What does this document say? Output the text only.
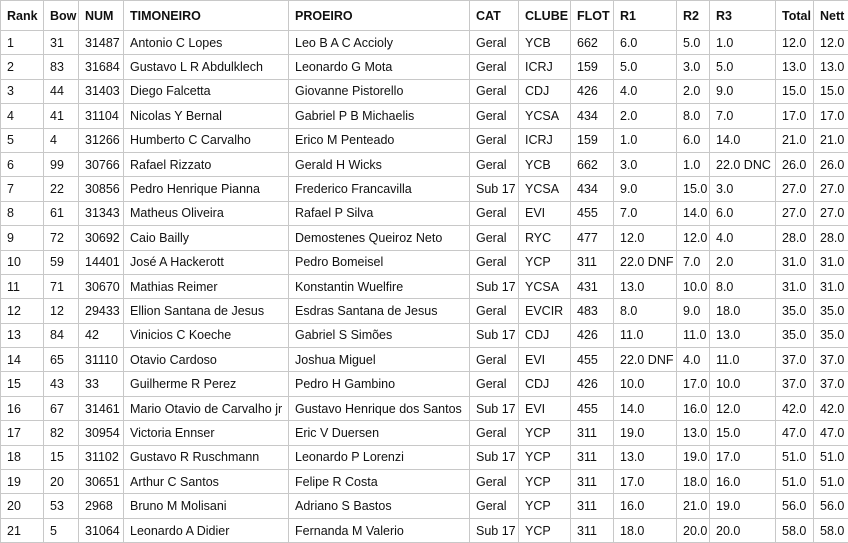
Rank	Bow	NUM	TIMONEIRO	PROEIRO	CAT	CLUBE	FLOT	R1	R2	R3	Total	Nett
1	31	31487	Antonio C Lopes	Leo B A C Accioly	Geral	YCB	662	6.0	5.0	1.0	12.0	12.0
2	83	31684	Gustavo L R Abdulklech	Leonardo G Mota	Geral	ICRJ	159	5.0	3.0	5.0	13.0	13.0
3	44	31403	Diego Falcetta	Giovanne Pistorello	Geral	CDJ	426	4.0	2.0	9.0	15.0	15.0
4	41	31104	Nicolas Y Bernal	Gabriel P B Michaelis	Geral	YCSA	434	2.0	8.0	7.0	17.0	17.0
5	4	31266	Humberto C Carvalho	Erico M Penteado	Geral	ICRJ	159	1.0	6.0	14.0	21.0	21.0
6	99	30766	Rafael Rizzato	Gerald H Wicks	Geral	YCB	662	3.0	1.0	22.0 DNC	26.0	26.0
7	22	30856	Pedro Henrique Pianna	Frederico Francavilla	Sub 17	YCSA	434	9.0	15.0	3.0	27.0	27.0
8	61	31343	Matheus Oliveira	Rafael P Silva	Geral	EVI	455	7.0	14.0	6.0	27.0	27.0
9	72	30692	Caio Bailly	Demostenes Queiroz Neto	Geral	RYC	477	12.0	12.0	4.0	28.0	28.0
10	59	14401	José A Hackerott	Pedro Bomeisel	Geral	YCP	311	22.0 DNF	7.0	2.0	31.0	31.0
11	71	30670	Mathias Reimer	Konstantin Wuelfire	Sub 17	YCSA	431	13.0	10.0	8.0	31.0	31.0
12	12	29433	Ellion Santana de Jesus	Esdras Santana de Jesus	Geral	EVCIR	483	8.0	9.0	18.0	35.0	35.0
13	84	42	Vinicios C Koeche	Gabriel S Simões	Sub 17	CDJ	426	11.0	11.0	13.0	35.0	35.0
14	65	31110	Otavio Cardoso	Joshua Miguel	Geral	EVI	455	22.0 DNF	4.0	11.0	37.0	37.0
15	43	33	Guilherme R Perez	Pedro H Gambino	Geral	CDJ	426	10.0	17.0	10.0	37.0	37.0
16	67	31461	Mario Otavio de Carvalho jr	Gustavo Henrique dos Santos	Sub 17	EVI	455	14.0	16.0	12.0	42.0	42.0
17	82	30954	Victoria Ennser	Eric V Duersen	Geral	YCP	311	19.0	13.0	15.0	47.0	47.0
18	15	31102	Gustavo R Ruschmann	Leonardo P Lorenzi	Sub 17	YCP	311	13.0	19.0	17.0	51.0	51.0
19	20	30651	Arthur C Santos	Felipe R Costa	Geral	YCP	311	17.0	18.0	16.0	51.0	51.0
20	53	2968	Bruno M Molisani	Adriano S Bastos	Geral	YCP	311	16.0	21.0	19.0	56.0	56.0
21	5	31064	Leonardo A Didier	Fernanda M Valerio	Sub 17	YCP	311	18.0	20.0	20.0	58.0	58.0
